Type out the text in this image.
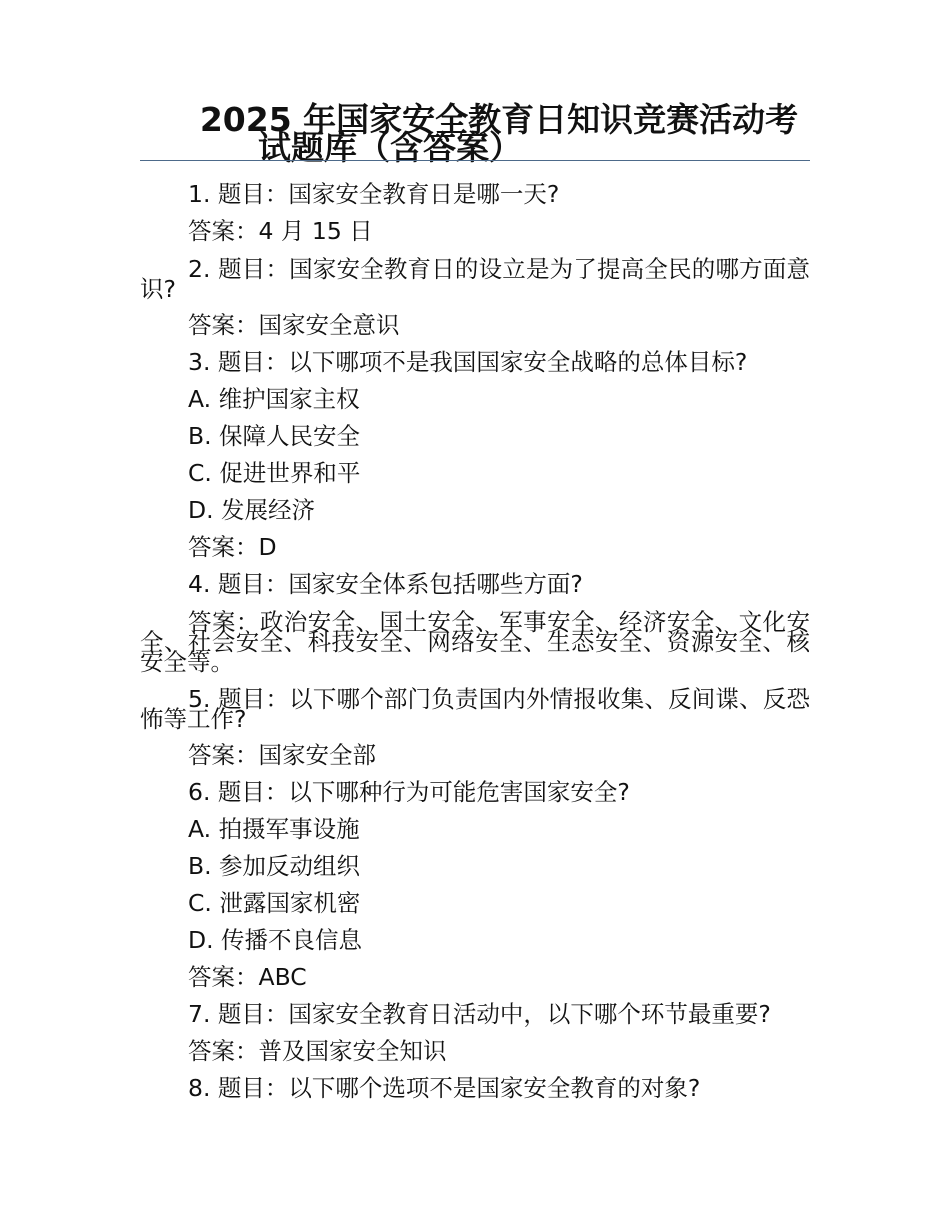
2025 年国家安全教育日知识竞赛活动考
试题库（含答案）

1. 题目：国家安全教育日是哪一天?

答案：4 月 15 日

2. 题目：国家安全教育日的设立是为了提高全民的哪方面意识?

答案：国家安全意识

3. 题目：以下哪项不是我国国家安全战略的总体目标?

A. 维护国家主权

B. 保障人民安全

C. 促进世界和平

D. 发展经济

答案：D

4. 题目：国家安全体系包括哪些方面?

答案：政治安全、国土安全、军事安全、经济安全、文化安全、社会安全、科技安全、网络安全、生态安全、资源安全、核安全等。

5. 题目：以下哪个部门负责国内外情报收集、反间谍、反恐怖等工作?

答案：国家安全部

6. 题目：以下哪种行为可能危害国家安全?

A. 拍摄军事设施

B. 参加反动组织

C. 泄露国家机密

D. 传播不良信息

答案：ABC

7. 题目：国家安全教育日活动中，以下哪个环节最重要?

答案：普及国家安全知识

8. 题目：以下哪个选项不是国家安全教育的对象?
